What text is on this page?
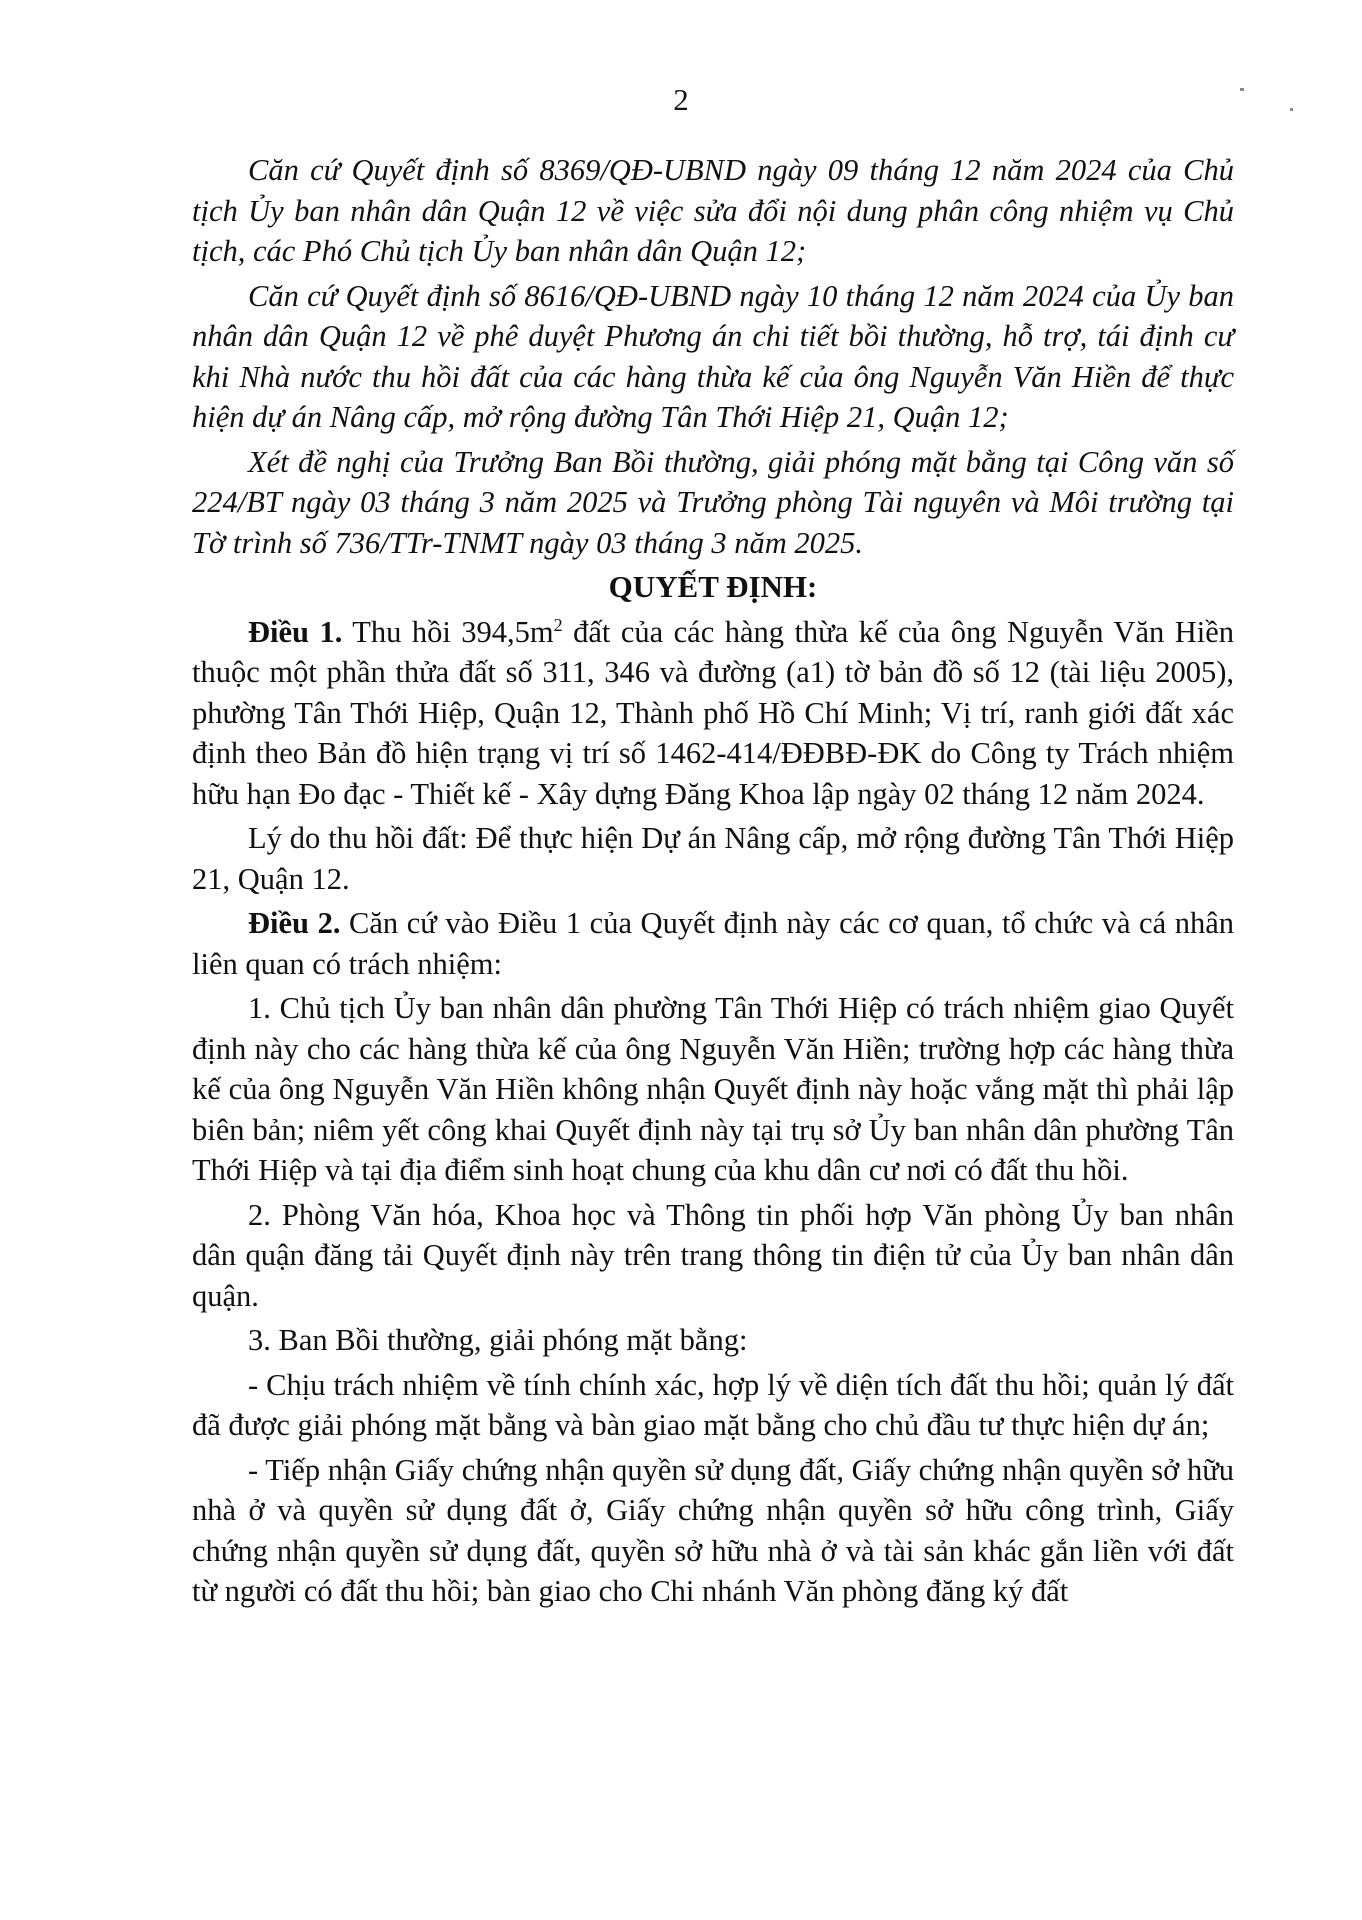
2

Căn cứ Quyết định số 8369/QĐ-UBND ngày 09 tháng 12 năm 2024 của Chủ tịch Ủy ban nhân dân Quận 12 về việc sửa đổi nội dung phân công nhiệm vụ Chủ tịch, các Phó Chủ tịch Ủy ban nhân dân Quận 12;

Căn cứ Quyết định số 8616/QĐ-UBND ngày 10 tháng 12 năm 2024 của Ủy ban nhân dân Quận 12 về phê duyệt Phương án chi tiết bồi thường, hỗ trợ, tái định cư khi Nhà nước thu hồi đất của các hàng thừa kế của ông Nguyễn Văn Hiền để thực hiện dự án Nâng cấp, mở rộng đường Tân Thới Hiệp 21, Quận 12;

Xét đề nghị của Trưởng Ban Bồi thường, giải phóng mặt bằng tại Công văn số 224/BT ngày 03 tháng 3 năm 2025 và Trưởng phòng Tài nguyên và Môi trường tại Tờ trình số 736/TTr-TNMT ngày 03 tháng 3 năm 2025.

QUYẾT ĐỊNH:

Điều 1. Thu hồi $394,5m^2$ đất của các hàng thừa kế của ông Nguyễn Văn Hiền thuộc một phần thửa đất số 311, 346 và đường (a1) tờ bản đồ số 12 (tài liệu 2005), phường Tân Thới Hiệp, Quận 12, Thành phố Hồ Chí Minh; Vị trí, ranh giới đất xác định theo Bản đồ hiện trạng vị trí số 1462-414/ĐĐBĐ-ĐK do Công ty Trách nhiệm hữu hạn Đo đạc - Thiết kế - Xây dựng Đăng Khoa lập ngày 02 tháng 12 năm 2024.

Lý do thu hồi đất: Để thực hiện Dự án Nâng cấp, mở rộng đường Tân Thới Hiệp 21, Quận 12.

Điều 2. Căn cứ vào Điều 1 của Quyết định này các cơ quan, tổ chức và cá nhân liên quan có trách nhiệm:

1. Chủ tịch Ủy ban nhân dân phường Tân Thới Hiệp có trách nhiệm giao Quyết định này cho các hàng thừa kế của ông Nguyễn Văn Hiền; trường hợp các hàng thừa kế của ông Nguyễn Văn Hiền không nhận Quyết định này hoặc vắng mặt thì phải lập biên bản; niêm yết công khai Quyết định này tại trụ sở Ủy ban nhân dân phường Tân Thới Hiệp và tại địa điểm sinh hoạt chung của khu dân cư nơi có đất thu hồi.

2. Phòng Văn hóa, Khoa học và Thông tin phối hợp Văn phòng Ủy ban nhân dân quận đăng tải Quyết định này trên trang thông tin điện tử của Ủy ban nhân dân quận.

3. Ban Bồi thường, giải phóng mặt bằng:

- Chịu trách nhiệm về tính chính xác, hợp lý về diện tích đất thu hồi; quản lý đất đã được giải phóng mặt bằng và bàn giao mặt bằng cho chủ đầu tư thực hiện dự án;

- Tiếp nhận Giấy chứng nhận quyền sử dụng đất, Giấy chứng nhận quyền sở hữu nhà ở và quyền sử dụng đất ở, Giấy chứng nhận quyền sở hữu công trình, Giấy chứng nhận quyền sử dụng đất, quyền sở hữu nhà ở và tài sản khác gắn liền với đất từ người có đất thu hồi; bàn giao cho Chi nhánh Văn phòng đăng ký đất
